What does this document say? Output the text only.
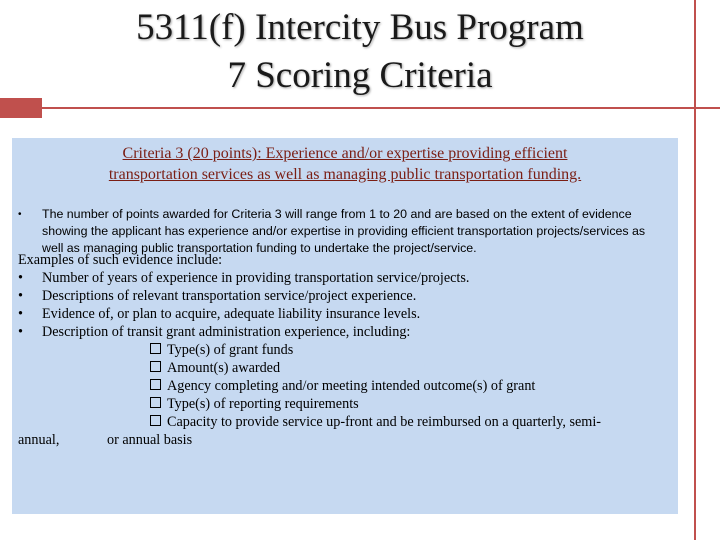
5311(f) Intercity Bus Program
7 Scoring Criteria
Criteria 3 (20 points): Experience and/or expertise providing efficient
transportation services as well as managing public transportation funding.
• The number of points awarded for Criteria 3 will range from 1 to 20 and are based on the extent of evidence showing the applicant has experience and/or expertise in providing efficient transportation projects/services as well as managing public transportation funding to undertake the project/service.
Examples of such evidence include:
• Number of years of experience in providing transportation service/projects.
• Descriptions of relevant transportation service/project experience.
• Evidence of, or plan to acquire, adequate liability insurance levels.
• Description of transit grant administration experience, including:
Type(s) of grant funds
Amount(s) awarded
Agency completing and/or meeting intended outcome(s) of grant
Type(s) of reporting requirements
Capacity to provide service up-front and be reimbursed on a quarterly, semi-
annual,	or annual basis
